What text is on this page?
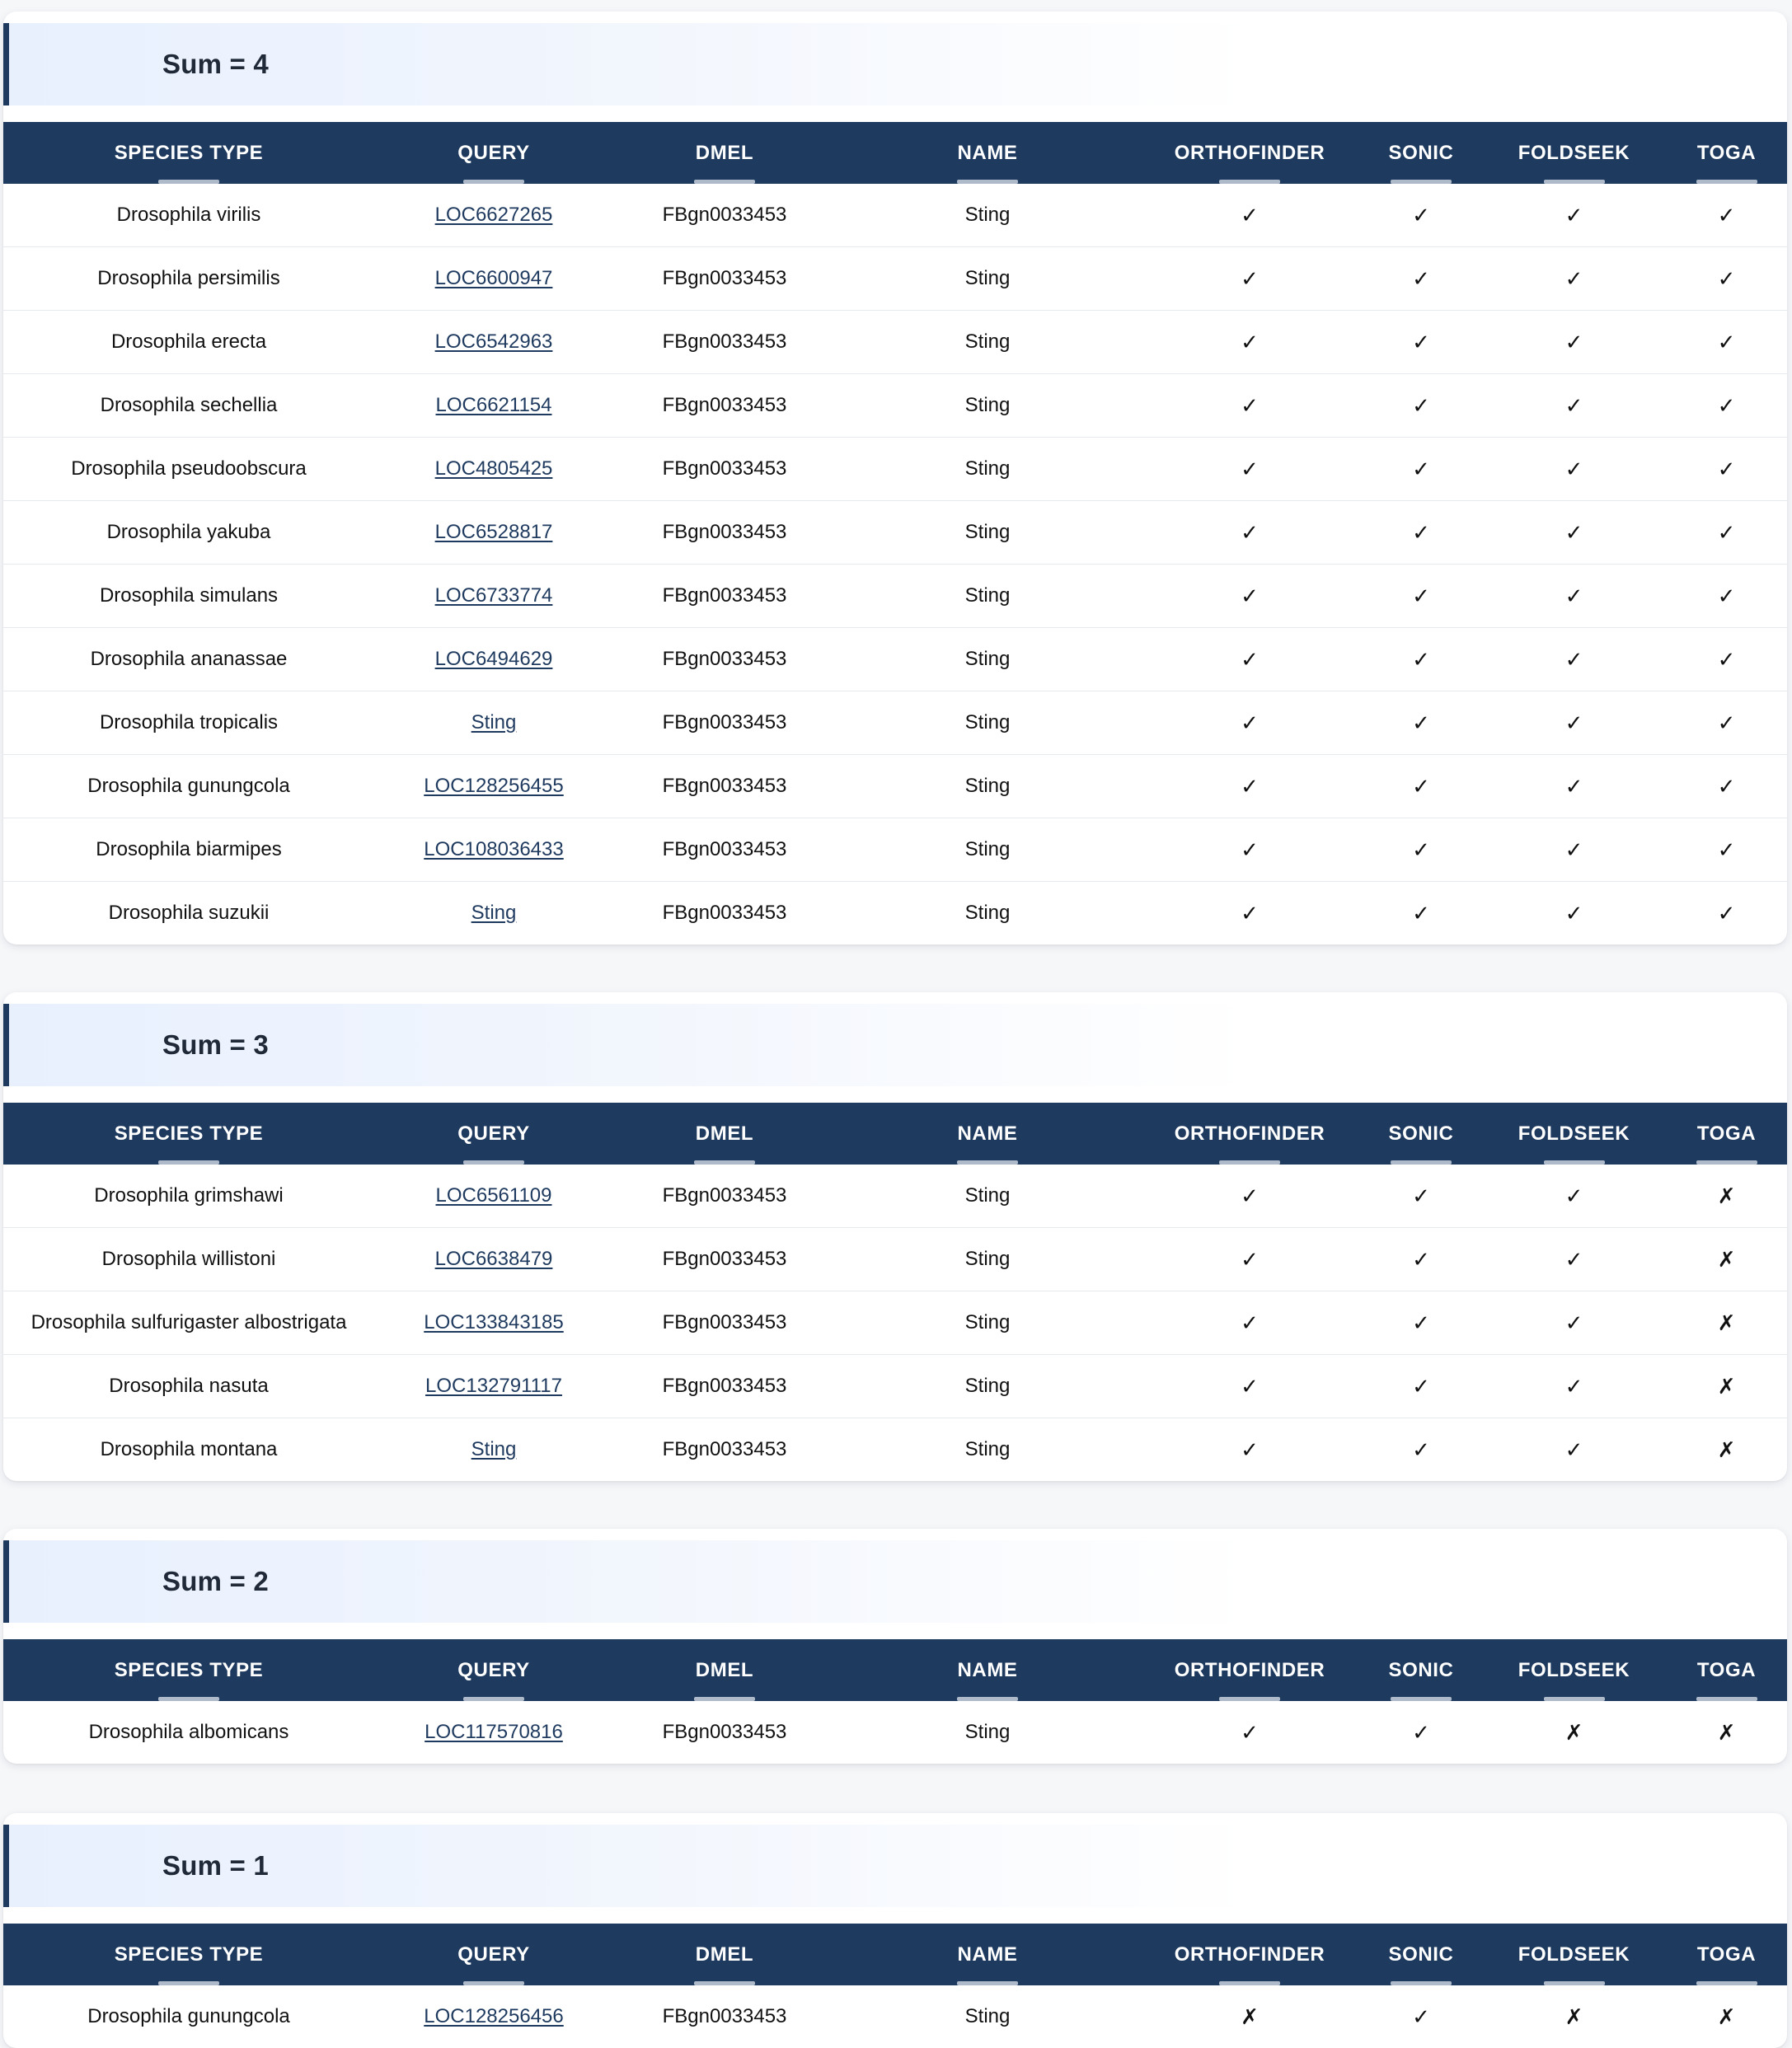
Sum = 4
SPECIES TYPE	QUERY	DMEL	NAME	ORTHOFINDER	SONIC	FOLDSEEK	TOGA
Drosophila virilis	LOC6627265	FBgn0033453	Sting	✓	✓	✓	✓
Drosophila persimilis	LOC6600947	FBgn0033453	Sting	✓	✓	✓	✓
Drosophila erecta	LOC6542963	FBgn0033453	Sting	✓	✓	✓	✓
Drosophila sechellia	LOC6621154	FBgn0033453	Sting	✓	✓	✓	✓
Drosophila pseudoobscura	LOC4805425	FBgn0033453	Sting	✓	✓	✓	✓
Drosophila yakuba	LOC6528817	FBgn0033453	Sting	✓	✓	✓	✓
Drosophila simulans	LOC6733774	FBgn0033453	Sting	✓	✓	✓	✓
Drosophila ananassae	LOC6494629	FBgn0033453	Sting	✓	✓	✓	✓
Drosophila tropicalis	Sting	FBgn0033453	Sting	✓	✓	✓	✓
Drosophila gunungcola	LOC128256455	FBgn0033453	Sting	✓	✓	✓	✓
Drosophila biarmipes	LOC108036433	FBgn0033453	Sting	✓	✓	✓	✓
Drosophila suzukii	Sting	FBgn0033453	Sting	✓	✓	✓	✓
Sum = 3
SPECIES TYPE	QUERY	DMEL	NAME	ORTHOFINDER	SONIC	FOLDSEEK	TOGA
Drosophila grimshawi	LOC6561109	FBgn0033453	Sting	✓	✓	✓	✗
Drosophila willistoni	LOC6638479	FBgn0033453	Sting	✓	✓	✓	✗
Drosophila sulfurigaster albostrigata	LOC133843185	FBgn0033453	Sting	✓	✓	✓	✗
Drosophila nasuta	LOC132791117	FBgn0033453	Sting	✓	✓	✓	✗
Drosophila montana	Sting	FBgn0033453	Sting	✓	✓	✓	✗
Sum = 2
SPECIES TYPE	QUERY	DMEL	NAME	ORTHOFINDER	SONIC	FOLDSEEK	TOGA
Drosophila albomicans	LOC117570816	FBgn0033453	Sting	✓	✓	✗	✗
Sum = 1
SPECIES TYPE	QUERY	DMEL	NAME	ORTHOFINDER	SONIC	FOLDSEEK	TOGA
Drosophila gunungcola	LOC128256456	FBgn0033453	Sting	✗	✓	✗	✗
